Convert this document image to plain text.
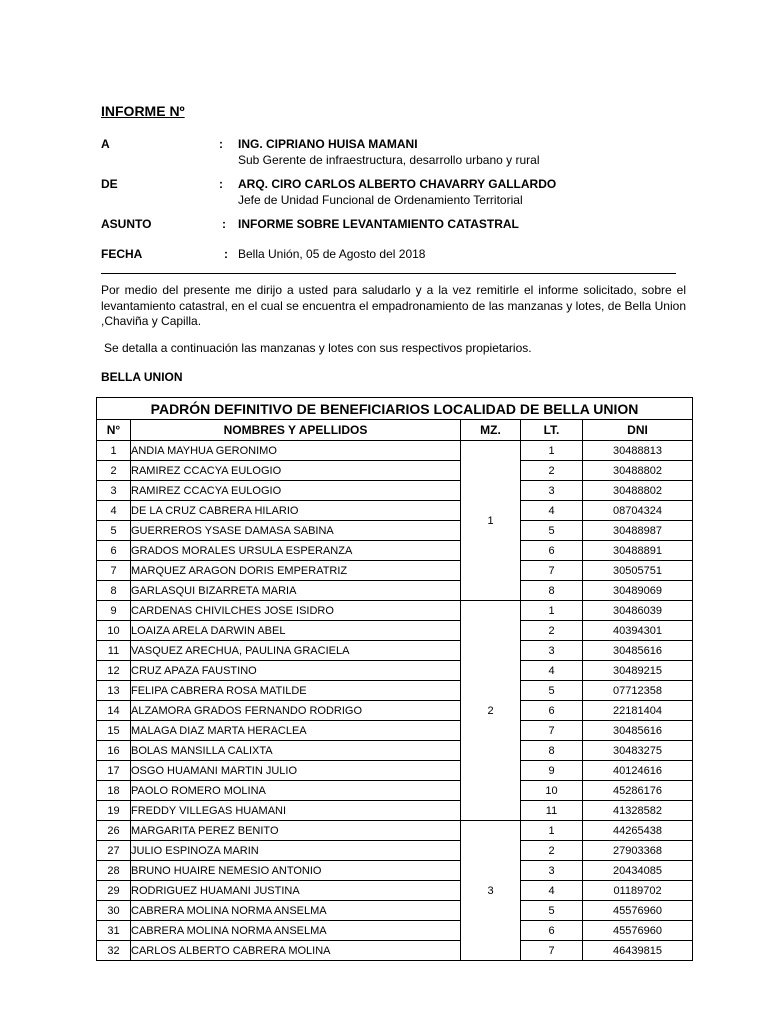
INFORME Nº
A	: ING. CIPRIANO HUISA MAMANI
Sub Gerente de infraestructura, desarrollo urbano y rural
DE	: ARQ. CIRO CARLOS ALBERTO CHAVARRY GALLARDO
Jefe de Unidad Funcional de Ordenamiento Territorial
ASUNTO	: INFORME SOBRE LEVANTAMIENTO CATASTRAL
FECHA	: Bella Unión, 05 de Agosto del 2018
Por medio del presente me dirijo a usted para saludarlo y a la vez remitirle el informe solicitado, sobre el levantamiento catastral, en el cual se encuentra el empadronamiento de las manzanas y lotes, de Bella Union ,Chaviña y Capilla.
Se detalla a continuación las manzanas y lotes con sus respectivos propietarios.
BELLA UNION
PADRÓN DEFINITIVO DE BENEFICIARIOS LOCALIDAD DE BELLA UNION				
N°	NOMBRES Y APELLIDOS	MZ.	LT.	DNI
1	ANDIA MAYHUA GERONIMO	1	1	30488813
2	RAMIREZ CCACYA EULOGIO		2	30488802
3	RAMIREZ CCACYA EULOGIO		3	30488802
4	DE LA CRUZ CABRERA HILARIO		4	08704324
5	GUERREROS YSASE DAMASA SABINA		5	30488987
6	GRADOS MORALES URSULA ESPERANZA		6	30488891
7	MARQUEZ ARAGON DORIS EMPERATRIZ		7	30505751
8	GARLASQUI BIZARRETA MARIA		8	30489069
9	CARDENAS CHIVILCHES JOSE ISIDRO	2	1	30486039
10	LOAIZA ARELA DARWIN ABEL		2	40394301
11	VASQUEZ ARECHUA, PAULINA GRACIELA		3	30485616
12	CRUZ APAZA FAUSTINO		4	30489215
13	FELIPA CABRERA ROSA MATILDE		5	07712358
14	ALZAMORA GRADOS FERNANDO RODRIGO		6	22181404
15	MALAGA DIAZ MARTA HERACLEA		7	30485616
16	BOLAS MANSILLA CALIXTA		8	30483275
17	OSGO HUAMANI MARTIN JULIO		9	40124616
18	PAOLO ROMERO MOLINA		10	45286176
19	FREDDY VILLEGAS HUAMANI		11	41328582
26	MARGARITA PEREZ BENITO	3	1	44265438
27	JULIO ESPINOZA MARIN		2	27903368
28	BRUNO HUAIRE NEMESIO ANTONIO		3	20434085
29	RODRIGUEZ HUAMANI JUSTINA		4	01189702
30	CABRERA MOLINA NORMA ANSELMA		5	45576960
31	CABRERA MOLINA NORMA ANSELMA		6	45576960
32	CARLOS ALBERTO CABRERA MOLINA		7	46439815
